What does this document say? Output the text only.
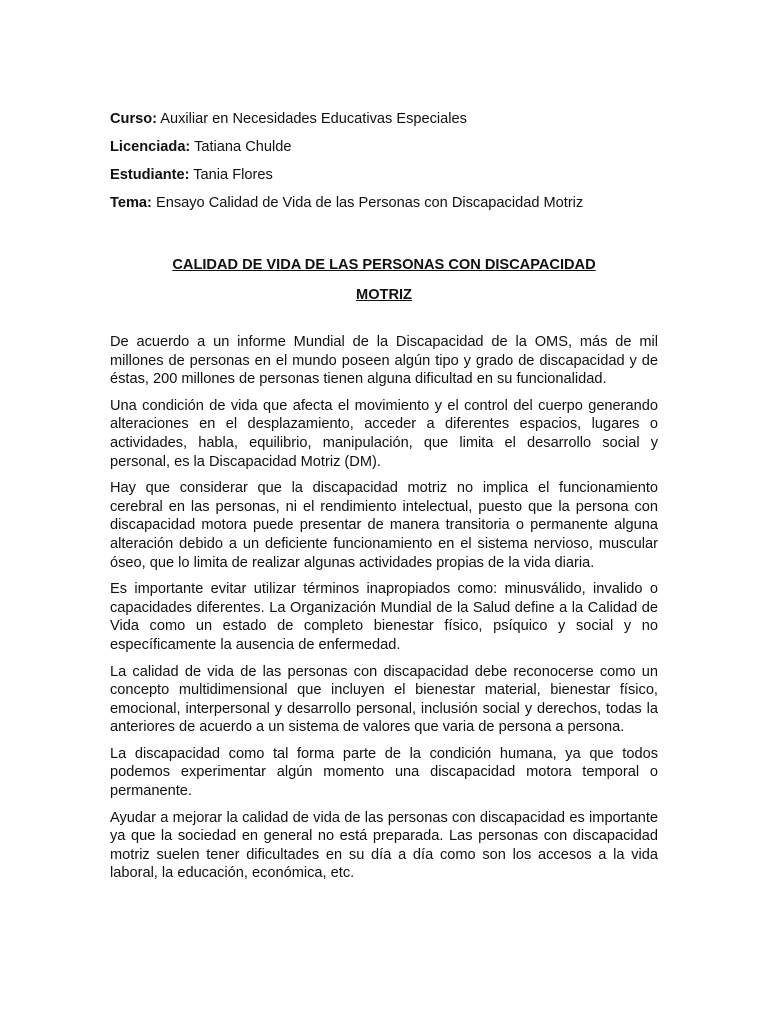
Curso: Auxiliar en Necesidades Educativas Especiales
Licenciada: Tatiana Chulde
Estudiante: Tania Flores
Tema: Ensayo Calidad de Vida de las Personas con Discapacidad Motriz
CALIDAD DE VIDA DE LAS PERSONAS CON DISCAPACIDAD
MOTRIZ

De acuerdo a un informe Mundial de la Discapacidad de la OMS, más de mil millones de personas en el mundo poseen algún tipo y grado de discapacidad y de éstas, 200 millones de personas tienen alguna dificultad en su funcionalidad.

Una condición de vida que afecta el movimiento y el control del cuerpo generando alteraciones en el desplazamiento, acceder a diferentes espacios, lugares o actividades, habla, equilibrio, manipulación, que limita el desarrollo social y personal, es la Discapacidad Motriz (DM).

Hay que considerar que la discapacidad motriz no implica el funcionamiento cerebral en las personas, ni el rendimiento intelectual, puesto que la persona con discapacidad motora puede presentar de manera transitoria o permanente alguna alteración debido a un deficiente funcionamiento en el sistema nervioso, muscular óseo, que lo limita de realizar algunas actividades propias de la vida diaria.

Es importante evitar utilizar términos inapropiados como: minusválido, invalido o capacidades diferentes. La Organización Mundial de la Salud define a la Calidad de Vida como un estado de completo bienestar físico, psíquico y social y no específicamente la ausencia de enfermedad.

La calidad de vida de las personas con discapacidad debe reconocerse como un concepto multidimensional que incluyen el bienestar material, bienestar físico, emocional, interpersonal y desarrollo personal, inclusión social y derechos, todas la anteriores de acuerdo a un sistema de valores que varia de persona a persona.

La discapacidad como tal forma parte de la condición humana, ya que todos podemos experimentar algún momento una discapacidad motora temporal o permanente.

Ayudar a mejorar la calidad de vida de las personas con discapacidad es importante ya que la sociedad en general no está preparada. Las personas con discapacidad motriz suelen tener dificultades en su día a día como son los accesos a la vida laboral, la educación, económica, etc.
